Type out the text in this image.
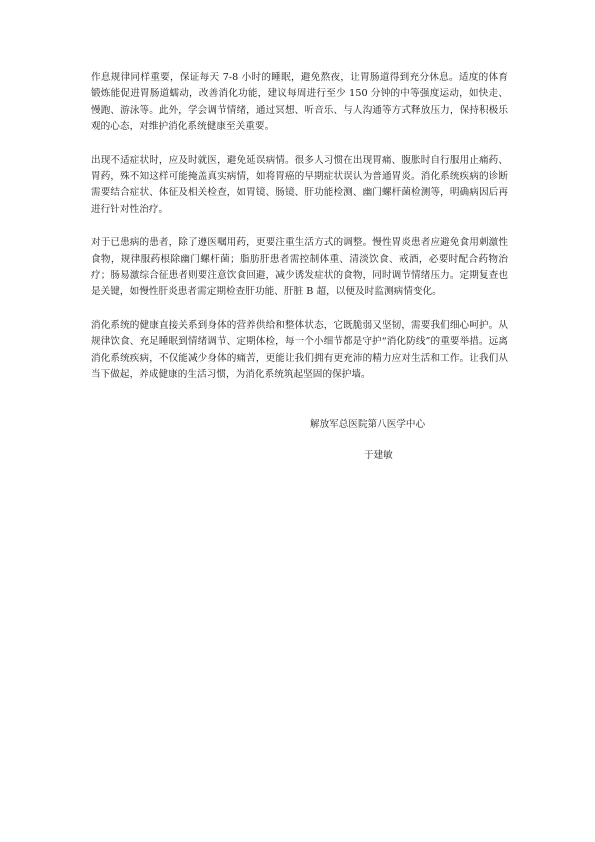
作息规律同样重要，保证每天 7-8 小时的睡眠，避免熬夜，让胃肠道得到充分休息。适度的体育锻炼能促进胃肠道蠕动，改善消化功能，建议每周进行至少 150 分钟的中等强度运动，如快走、慢跑、游泳等。此外，学会调节情绪，通过冥想、听音乐、与人沟通等方式释放压力，保持积极乐观的心态，对维护消化系统健康至关重要。

出现不适症状时，应及时就医，避免延误病情。很多人习惯在出现胃痛、腹胀时自行服用止痛药、胃药，殊不知这样可能掩盖真实病情，如将胃癌的早期症状误认为普通胃炎。消化系统疾病的诊断需要结合症状、体征及相关检查，如胃镜、肠镜、肝功能检测、幽门螺杆菌检测等，明确病因后再进行针对性治疗。

对于已患病的患者，除了遵医嘱用药，更要注重生活方式的调整。慢性胃炎患者应避免食用刺激性食物，规律服药根除幽门螺杆菌；脂肪肝患者需控制体重、清淡饮食、戒酒，必要时配合药物治疗；肠易激综合征患者则要注意饮食回避，减少诱发症状的食物，同时调节情绪压力。定期复查也是关键，如慢性肝炎患者需定期检查肝功能、肝脏 B 超，以便及时监测病情变化。

消化系统的健康直接关系到身体的营养供给和整体状态，它既脆弱又坚韧，需要我们细心呵护。从规律饮食、充足睡眠到情绪调节、定期体检，每一个小细节都是守护“消化防线”的重要举措。远离消化系统疾病，不仅能减少身体的痛苦，更能让我们拥有更充沛的精力应对生活和工作。让我们从当下做起，养成健康的生活习惯，为消化系统筑起坚固的保护墙。

解放军总医院第八医学中心
于建敏
